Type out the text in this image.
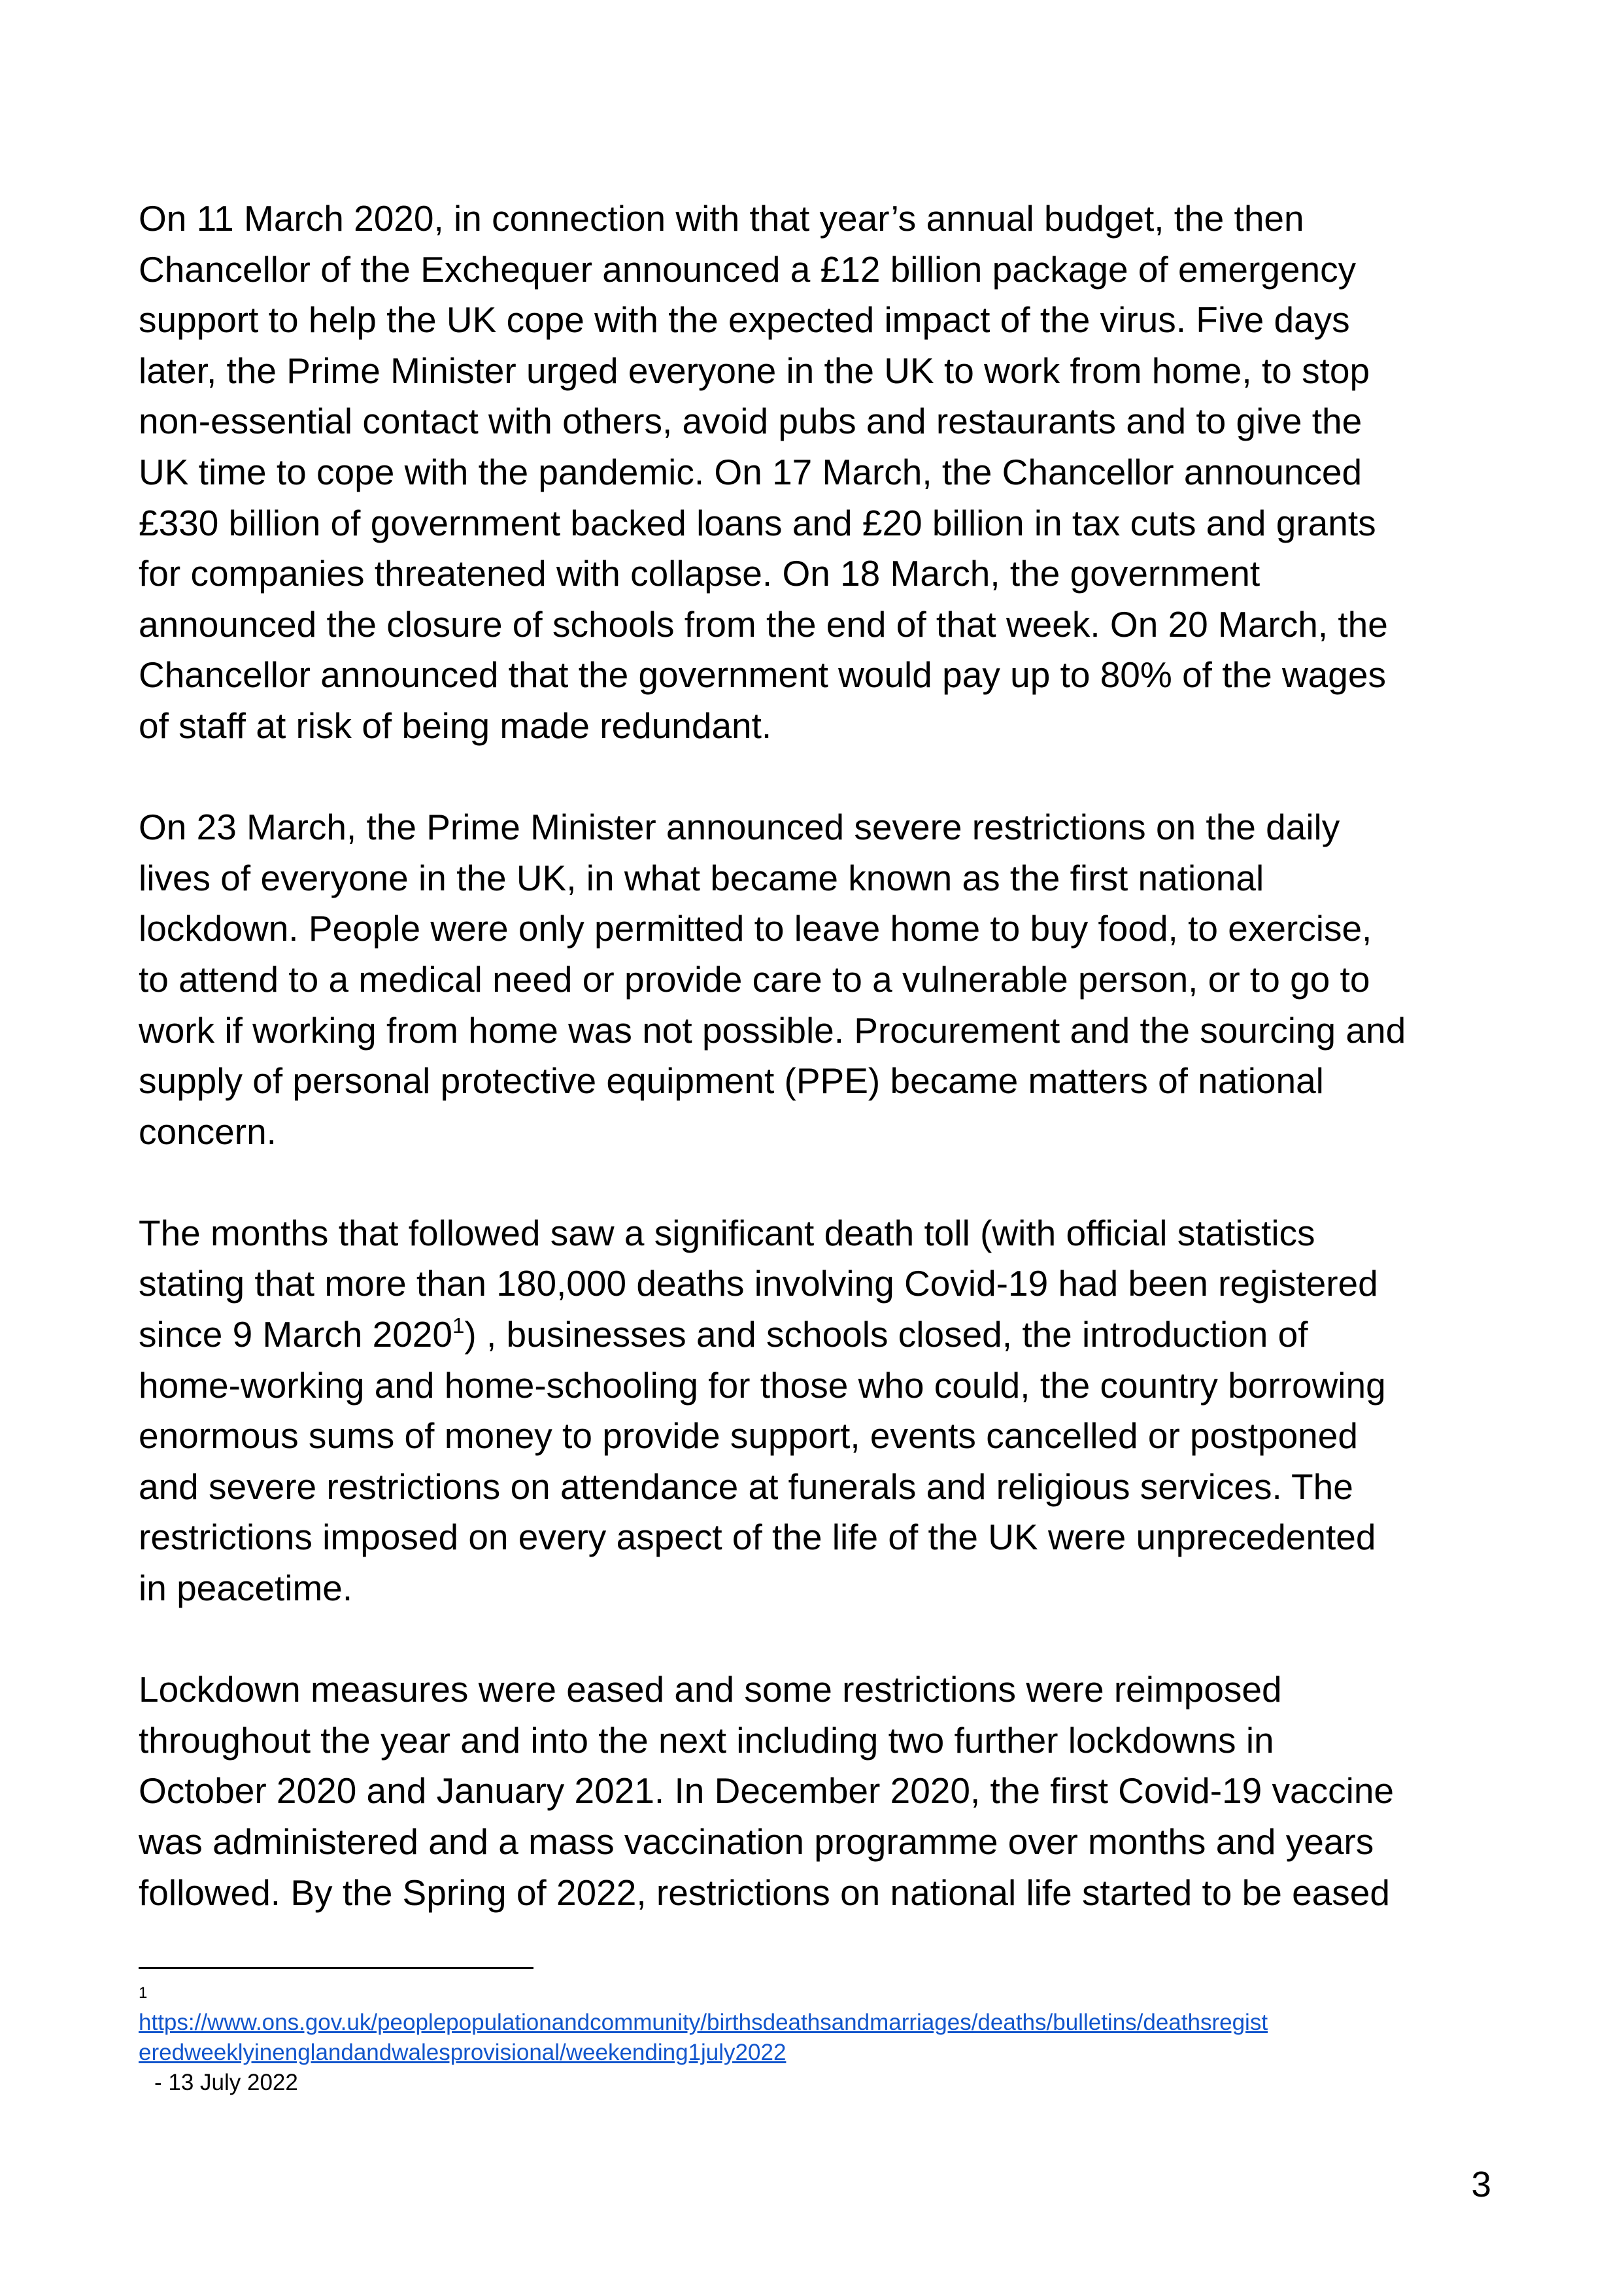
On 11 March 2020, in connection with that year’s annual budget, the then
Chancellor of the Exchequer announced a £12 billion package of emergency
support to help the UK cope with the expected impact of the virus. Five days
later, the Prime Minister urged everyone in the UK to work from home, to stop
non-essential contact with others, avoid pubs and restaurants and to give the
UK time to cope with the pandemic. On 17 March, the Chancellor announced
£330 billion of government backed loans and £20 billion in tax cuts and grants
for companies threatened with collapse. On 18 March, the government
announced the closure of schools from the end of that week. On 20 March, the
Chancellor announced that the government would pay up to 80% of the wages
of staff at risk of being made redundant.
On 23 March, the Prime Minister announced severe restrictions on the daily
lives of everyone in the UK, in what became known as the first national
lockdown. People were only permitted to leave home to buy food, to exercise,
to attend to a medical need or provide care to a vulnerable person, or to go to
work if working from home was not possible. Procurement and the sourcing and
supply of personal protective equipment (PPE) became matters of national
concern.
The months that followed saw a significant death toll (with official statistics
stating that more than 180,000 deaths involving Covid-19 had been registered
since 9 March 2020$^1$) , businesses and schools closed, the introduction of
home-working and home-schooling for those who could, the country borrowing
enormous sums of money to provide support, events cancelled or postponed
and severe restrictions on attendance at funerals and religious services. The
restrictions imposed on every aspect of the life of the UK were unprecedented
in peacetime.
Lockdown measures were eased and some restrictions were reimposed
throughout the year and into the next including two further lockdowns in
October 2020 and January 2021. In December 2020, the first Covid-19 vaccine
was administered and a mass vaccination programme over months and years
followed. By the Spring of 2022, restrictions on national life started to be eased
1
https://www.ons.gov.uk/peoplepopulationandcommunity/birthsdeathsandmarriages/deaths/bulletins/deathsregist
eredweeklyinenglandandwalesprovisional/weekending1july2022
- 13 July 2022
3
